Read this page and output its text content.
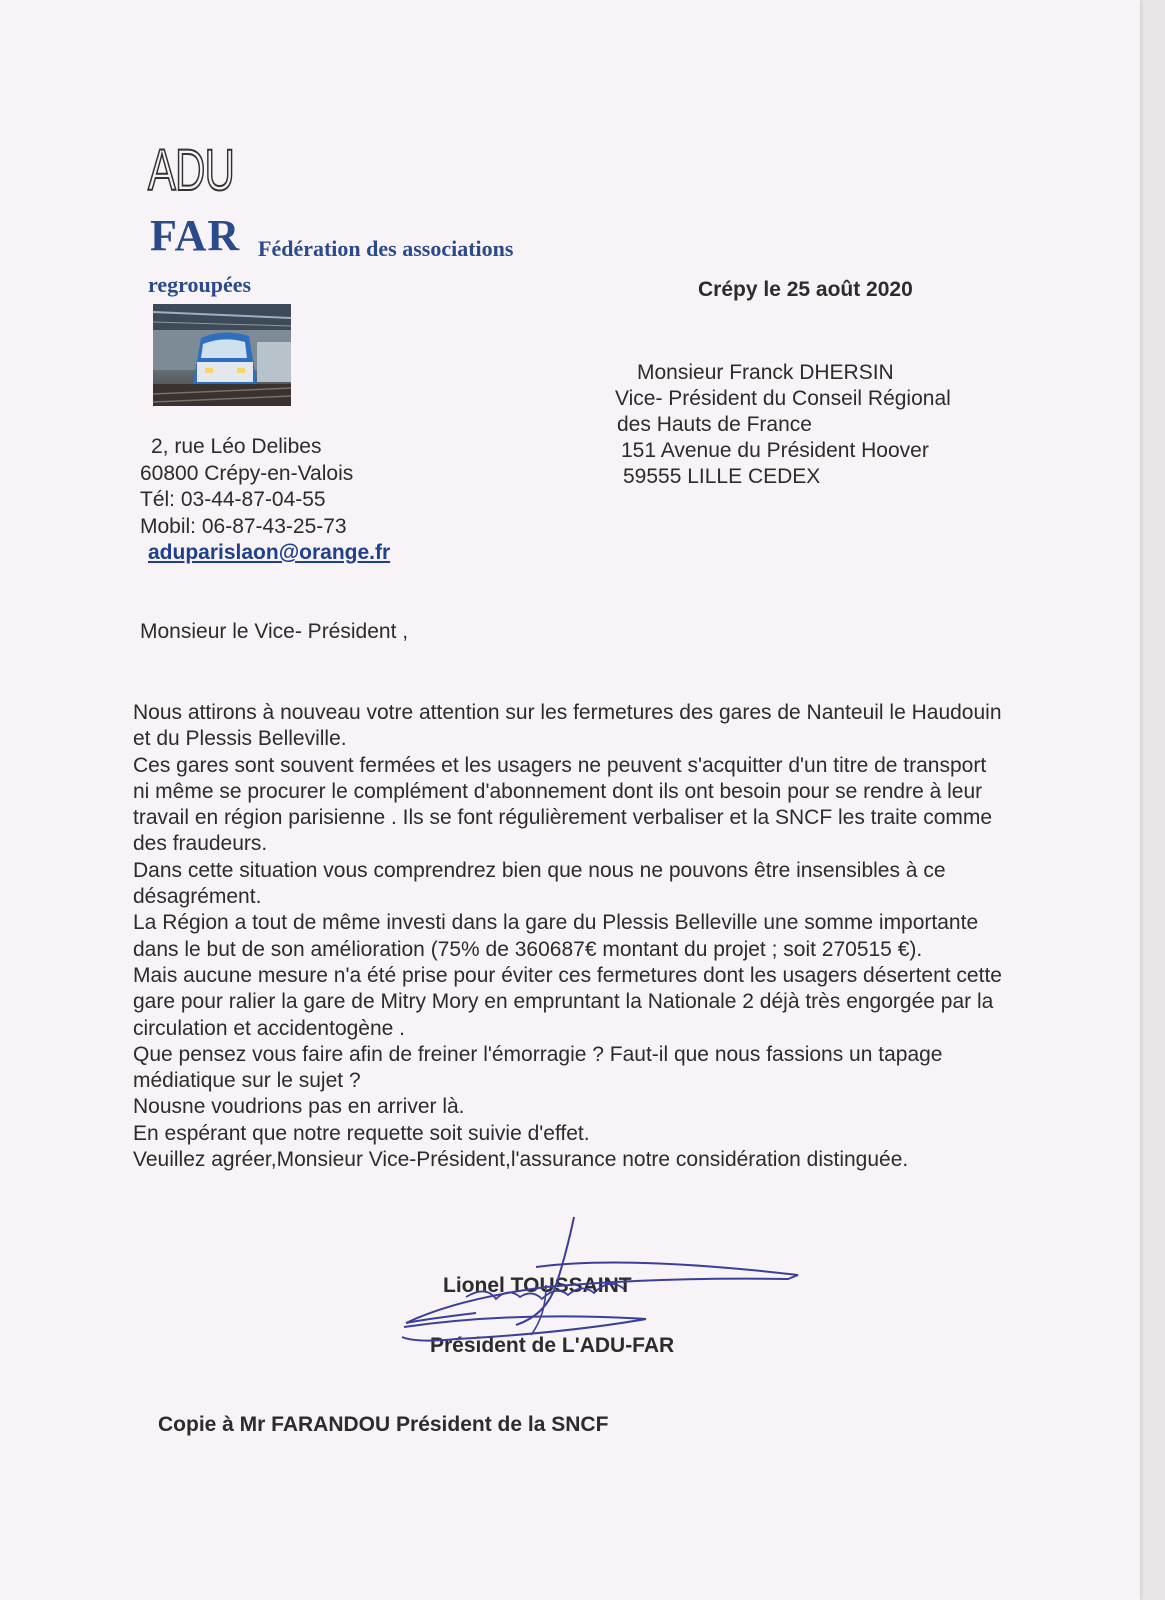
ADU
FAR Fédération des associations
regroupées	Crépy le 25 août 2020
Monsieur Franck DHERSIN
Vice- Président du Conseil Régional
des Hauts de France
151 Avenue du Président Hoover
59555 LILLE CEDEX
2, rue Léo Delibes
60800 Crépy-en-Valois
Tél: 03-44-87-04-55
Mobil: 06-87-43-25-73
aduparislaon@orange.fr
Monsieur le Vice- Président ,

Nous attirons à nouveau votre attention sur les fermetures des gares de Nanteuil le Haudouin et du Plessis Belleville.

Ces gares sont souvent fermées et les usagers ne peuvent s'acquitter d'un titre de transport ni même se procurer le complément d'abonnement dont ils ont besoin pour se rendre à leur travail en région parisienne . Ils se font régulièrement verbaliser et la SNCF les traite comme des fraudeurs.

Dans cette situation vous comprendrez bien que nous ne pouvons être insensibles à ce désagrément.

La Région a tout de même investi dans la gare du Plessis Belleville une somme importante dans le but de son amélioration (75% de 360687€ montant du projet ; soit 270515 €).

Mais aucune mesure n'a été prise pour éviter ces fermetures dont les usagers désertent cette gare pour ralier la gare de Mitry Mory en empruntant la Nationale 2 déjà très engorgée par la circulation et accidentogène .

Que pensez vous faire afin de freiner l'émorragie ? Faut-il que nous fassions un tapage médiatique sur le sujet ?

Nousne voudrions pas en arriver là.

En espérant que notre requette soit suivie d'effet.

Veuillez agréer,Monsieur Vice-Président,l'assurance notre considération distinguée.

Lionel TOUSSAINT
Président de L'ADU-FAR
Copie à Mr FARANDOU Président de la SNCF
